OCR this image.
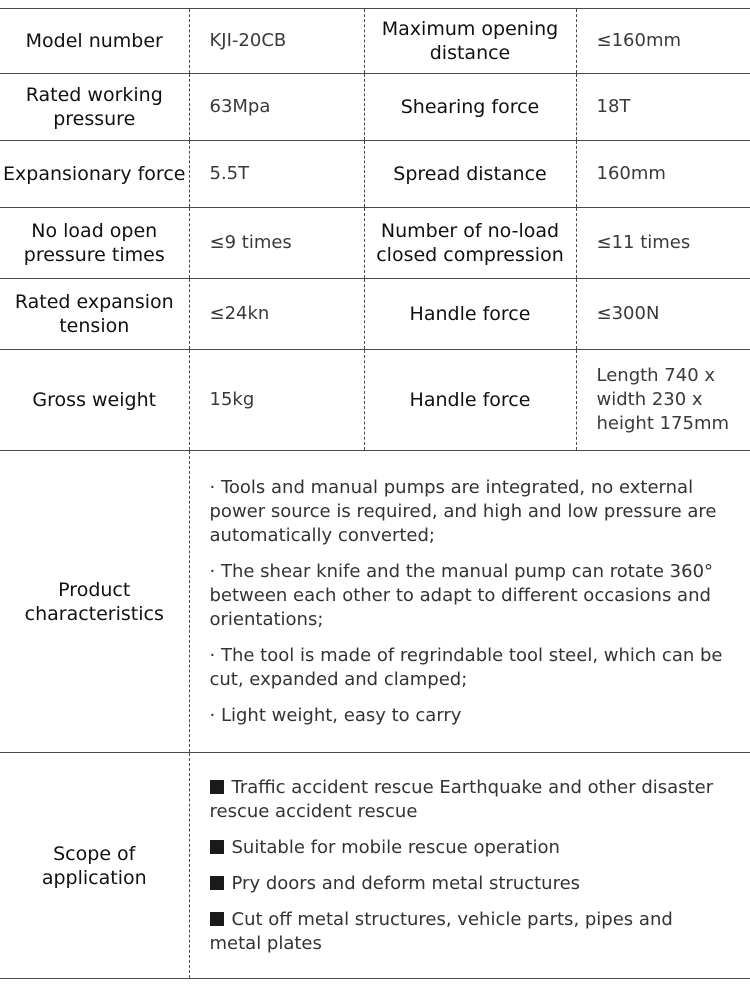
Model number	KJI-20CB	Maximum opening distance	≤160mm
Rated working pressure	63Mpa	Shearing force	18T
Expansionary force	5.5T	Spread distance	160mm
No load open pressure times	≤9 times	Number of no-load closed compression	≤11 times
Rated expansion tension	≤24kn	Handle force	≤300N
Gross weight	15kg	Handle force	Length 740 x width 230 x height 175mm
Product characteristics	· Tools and manual pumps are integrated, no external power source is required, and high and low pressure are automatically converted;

· The shear knife and the manual pump can rotate 360° between each other to adapt to different occasions and orientations;

· The tool is made of regrindable tool steel, which can be cut, expanded and clamped;

· Light weight, easy to carry		

Scope of application	Traffic accident rescue Earthquake and other disaster rescue accident rescue

Suitable for mobile rescue operation

Pry doors and deform metal structures

Cut off metal structures, vehicle parts, pipes and metal plates		
